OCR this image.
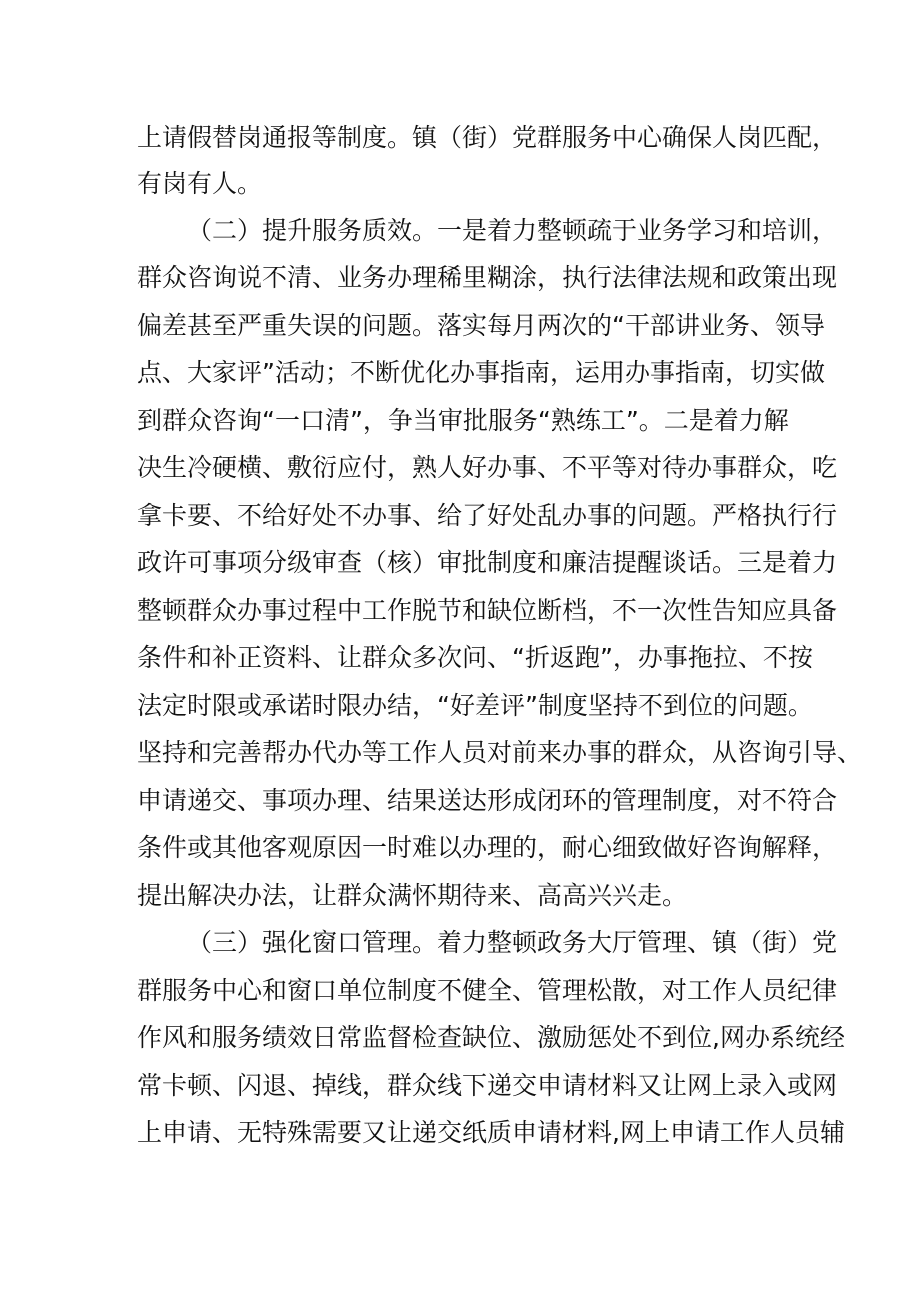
上请假替岗通报等制度。镇（街）党群服务中心确保人岗匹配，
有岗有人。
（二）提升服务质效。一是着力整顿疏于业务学习和培训，
群众咨询说不清、业务办理稀里糊涂，执行法律法规和政策出现
偏差甚至严重失误的问题。落实每月两次的“干部讲业务、领导
点、大家评”活动；不断优化办事指南，运用办事指南，切实做
到群众咨询“一口清”，争当审批服务“熟练工”。二是着力解
决生冷硬横、敷衍应付，熟人好办事、不平等对待办事群众，吃
拿卡要、不给好处不办事、给了好处乱办事的问题。严格执行行
政许可事项分级审查（核）审批制度和廉洁提醒谈话。三是着力
整顿群众办事过程中工作脱节和缺位断档，不一次性告知应具备
条件和补正资料、让群众多次问、“折返跑”，办事拖拉、不按
法定时限或承诺时限办结，“好差评”制度坚持不到位的问题。
坚持和完善帮办代办等工作人员对前来办事的群众，从咨询引导、
申请递交、事项办理、结果送达形成闭环的管理制度，对不符合
条件或其他客观原因一时难以办理的，耐心细致做好咨询解释，
提出解决办法，让群众满怀期待来、高高兴兴走。
（三）强化窗口管理。着力整顿政务大厅管理、镇（街）党
群服务中心和窗口单位制度不健全、管理松散，对工作人员纪律
作风和服务绩效日常监督检查缺位、激励惩处不到位,网办系统经
常卡顿、闪退、掉线，群众线下递交申请材料又让网上录入或网
上申请、无特殊需要又让递交纸质申请材料,网上申请工作人员辅
